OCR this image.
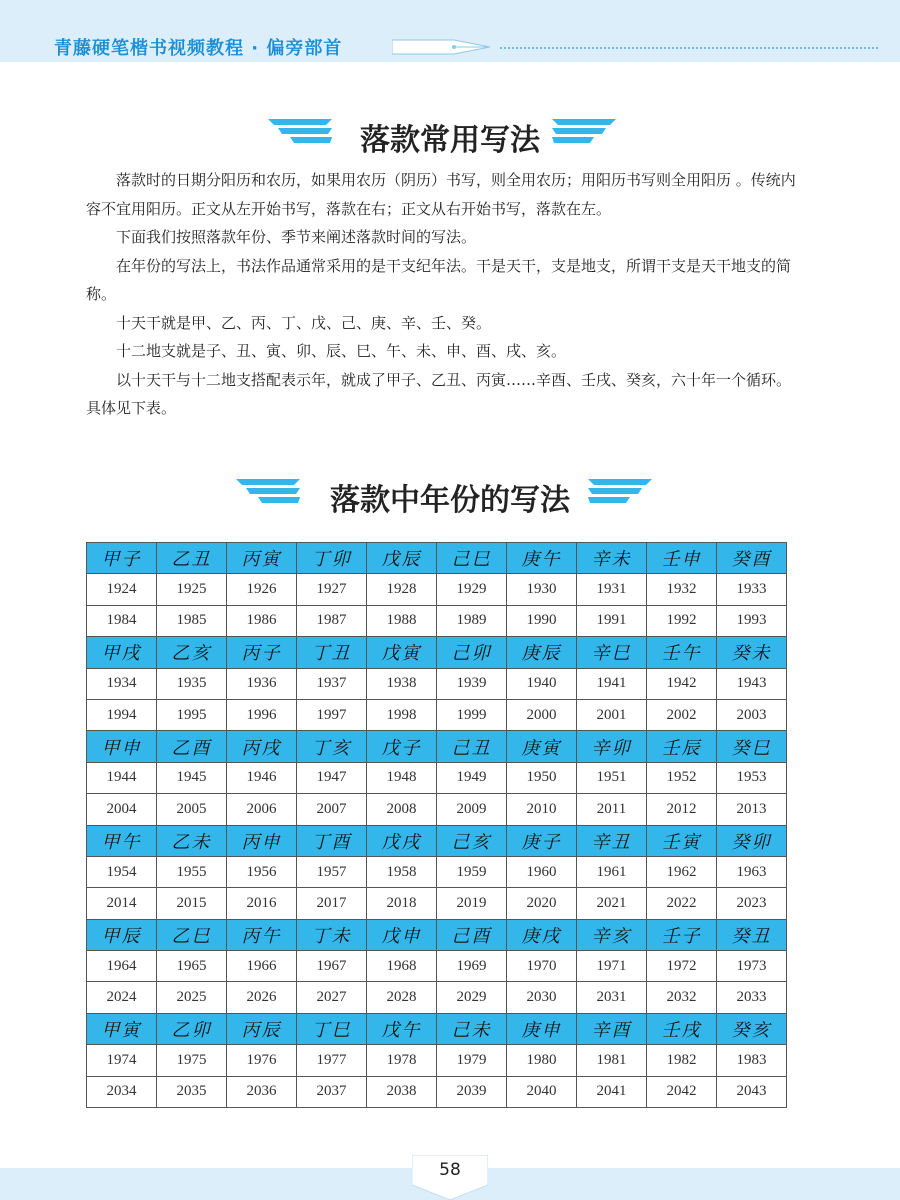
青藤硬笔楷书视频教程 · 偏旁部首
落款常用写法

落款时的日期分阳历和农历，如果用农历（阴历）书写，则全用农历；用阳历书写则全用阳历 。传统内容不宜用阳历。正文从左开始书写，落款在右；正文从右开始书写，落款在左。

下面我们按照落款年份、季节来阐述落款时间的写法。

在年份的写法上，书法作品通常采用的是干支纪年法。干是天干，支是地支，所谓干支是天干地支的简称。

十天干就是甲、乙、丙、丁、戊、己、庚、辛、壬、癸。

十二地支就是子、丑、寅、卯、辰、巳、午、未、申、酉、戌、亥。

以十天干与十二地支搭配表示年，就成了甲子、乙丑、丙寅……辛酉、壬戌、癸亥，六十年一个循环。具体见下表。

落款中年份的写法
甲子	乙丑	丙寅	丁卯	戊辰	己巳	庚午	辛未	壬申	癸酉
1924	1925	1926	1927	1928	1929	1930	1931	1932	1933
1984	1985	1986	1987	1988	1989	1990	1991	1992	1993
甲戌	乙亥	丙子	丁丑	戊寅	己卯	庚辰	辛巳	壬午	癸未
1934	1935	1936	1937	1938	1939	1940	1941	1942	1943
1994	1995	1996	1997	1998	1999	2000	2001	2002	2003
甲申	乙酉	丙戌	丁亥	戊子	己丑	庚寅	辛卯	壬辰	癸巳
1944	1945	1946	1947	1948	1949	1950	1951	1952	1953
2004	2005	2006	2007	2008	2009	2010	2011	2012	2013
甲午	乙未	丙申	丁酉	戊戌	己亥	庚子	辛丑	壬寅	癸卯
1954	1955	1956	1957	1958	1959	1960	1961	1962	1963
2014	2015	2016	2017	2018	2019	2020	2021	2022	2023
甲辰	乙巳	丙午	丁未	戊申	己酉	庚戌	辛亥	壬子	癸丑
1964	1965	1966	1967	1968	1969	1970	1971	1972	1973
2024	2025	2026	2027	2028	2029	2030	2031	2032	2033
甲寅	乙卯	丙辰	丁巳	戊午	己未	庚申	辛酉	壬戌	癸亥
1974	1975	1976	1977	1978	1979	1980	1981	1982	1983
2034	2035	2036	2037	2038	2039	2040	2041	2042	2043
58
